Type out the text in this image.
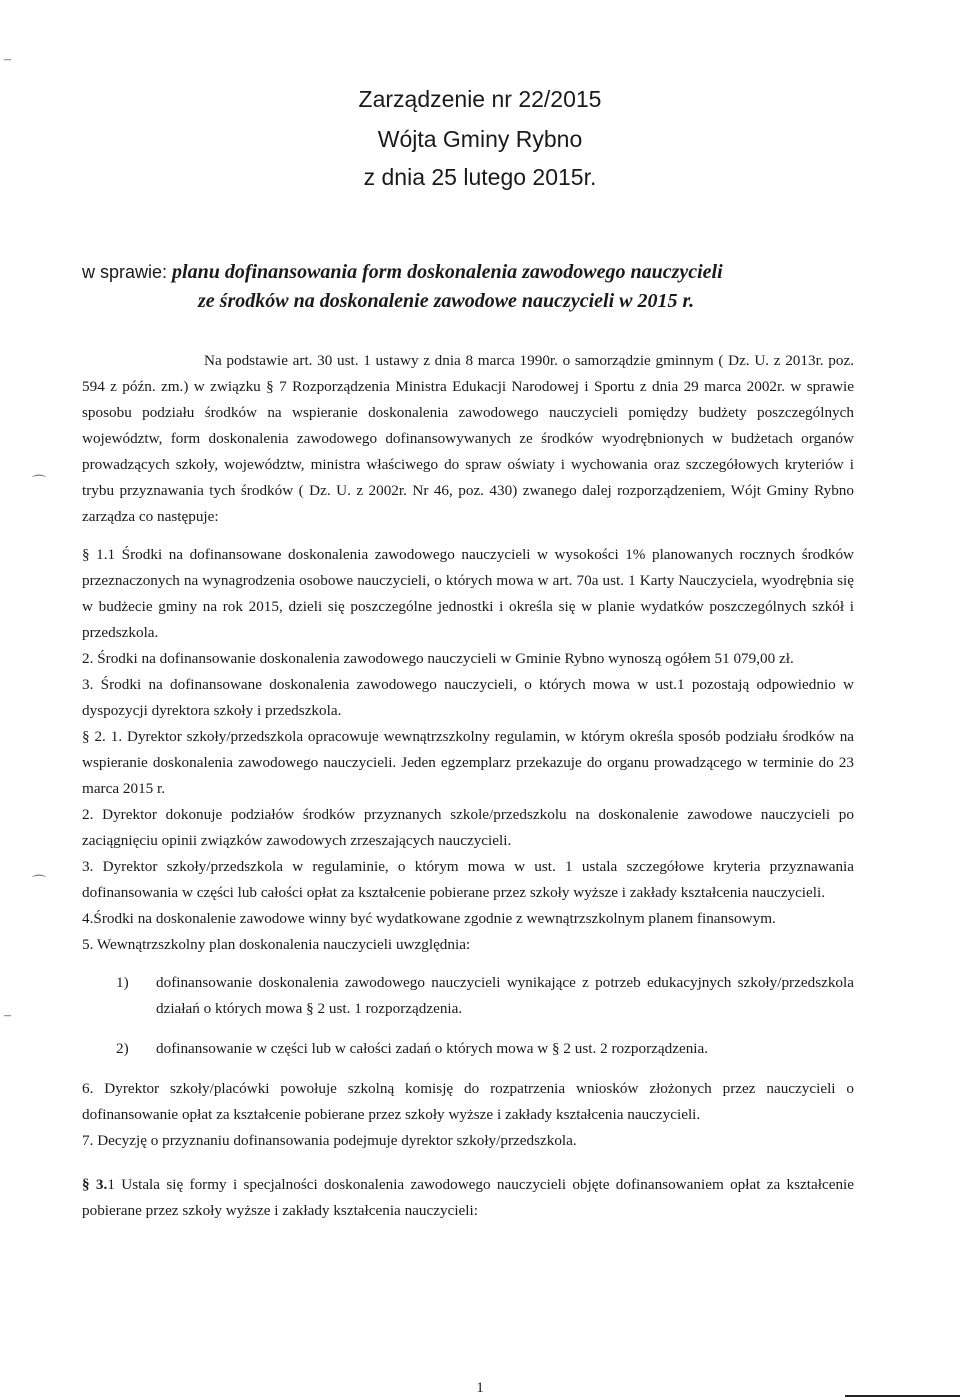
–
⌒
⌒
–
Zarządzenie nr 22/2015
Wójta Gminy Rybno
z dnia 25 lutego 2015r.
w sprawie: planu dofinansowania form doskonalenia zawodowego nauczycieli
ze środków na doskonalenie zawodowe nauczycieli w 2015 r.

Na podstawie art. 30 ust. 1 ustawy z dnia 8 marca 1990r. o samorządzie gminnym ( Dz. U. z 2013r. poz. 594 z późn. zm.) w związku § 7 Rozporządzenia Ministra Edukacji Narodowej i Sportu z dnia 29 marca 2002r. w sprawie sposobu podziału środków na wspieranie doskonalenia zawodowego nauczycieli pomiędzy budżety poszczególnych województw, form doskonalenia zawodowego dofinansowywanych ze środków wyodrębnionych w budżetach organów prowadzących szkoły, województw, ministra właściwego do spraw oświaty i wychowania oraz szczegółowych kryteriów i trybu przyznawania tych środków ( Dz. U. z 2002r. Nr 46, poz. 430) zwanego dalej rozporządzeniem, Wójt Gminy Rybno zarządza co następuje:

§ 1.1 Środki na dofinansowane doskonalenia zawodowego nauczycieli w wysokości 1% planowanych rocznych środków przeznaczonych na wynagrodzenia osobowe nauczycieli, o których mowa w art. 70a ust. 1 Karty Nauczyciela, wyodrębnia się w budżecie gminy na rok 2015, dzieli się poszczególne jednostki i określa się w planie wydatków poszczególnych szkół i przedszkola.

2. Środki na dofinansowanie doskonalenia zawodowego nauczycieli w Gminie Rybno wynoszą ogółem 51 079,00 zł.

3. Środki na dofinansowane doskonalenia zawodowego nauczycieli, o których mowa w ust.1 pozostają odpowiednio w dyspozycji dyrektora szkoły i przedszkola.

§ 2. 1. Dyrektor szkoły/przedszkola opracowuje wewnątrzszkolny regulamin, w którym określa sposób podziału środków na wspieranie doskonalenia zawodowego nauczycieli. Jeden egzemplarz przekazuje do organu prowadzącego w terminie do 23 marca 2015 r.

2. Dyrektor dokonuje podziałów środków przyznanych szkole/przedszkolu na doskonalenie zawodowe nauczycieli po zaciągnięciu opinii związków zawodowych zrzeszających nauczycieli.

3. Dyrektor szkoły/przedszkola w regulaminie, o którym mowa w ust. 1 ustala szczegółowe kryteria przyznawania dofinansowania w części lub całości opłat za kształcenie pobierane przez szkoły wyższe i zakłady kształcenia nauczycieli.

4.Środki na doskonalenie zawodowe winny być wydatkowane zgodnie z wewnątrzszkolnym planem finansowym.

5. Wewnątrzszkolny plan doskonalenia nauczycieli uwzględnia:

1)	dofinansowanie doskonalenia zawodowego nauczycieli wynikające z potrzeb edukacyjnych szkoły/przedszkola działań o których mowa § 2 ust. 1 rozporządzenia.
2)	dofinansowanie w części lub w całości zadań o których mowa w § 2 ust. 2 rozporządzenia.

6. Dyrektor szkoły/placówki powołuje szkolną komisję do rozpatrzenia wniosków złożonych przez nauczycieli o dofinansowanie opłat za kształcenie pobierane przez szkoły wyższe i zakłady kształcenia nauczycieli.

7. Decyzję o przyznaniu dofinansowania podejmuje dyrektor szkoły/przedszkola.

§ 3.1 Ustala się formy i specjalności doskonalenia zawodowego nauczycieli objęte dofinansowaniem opłat za kształcenie pobierane przez szkoły wyższe i zakłady kształcenia nauczycieli:

1
